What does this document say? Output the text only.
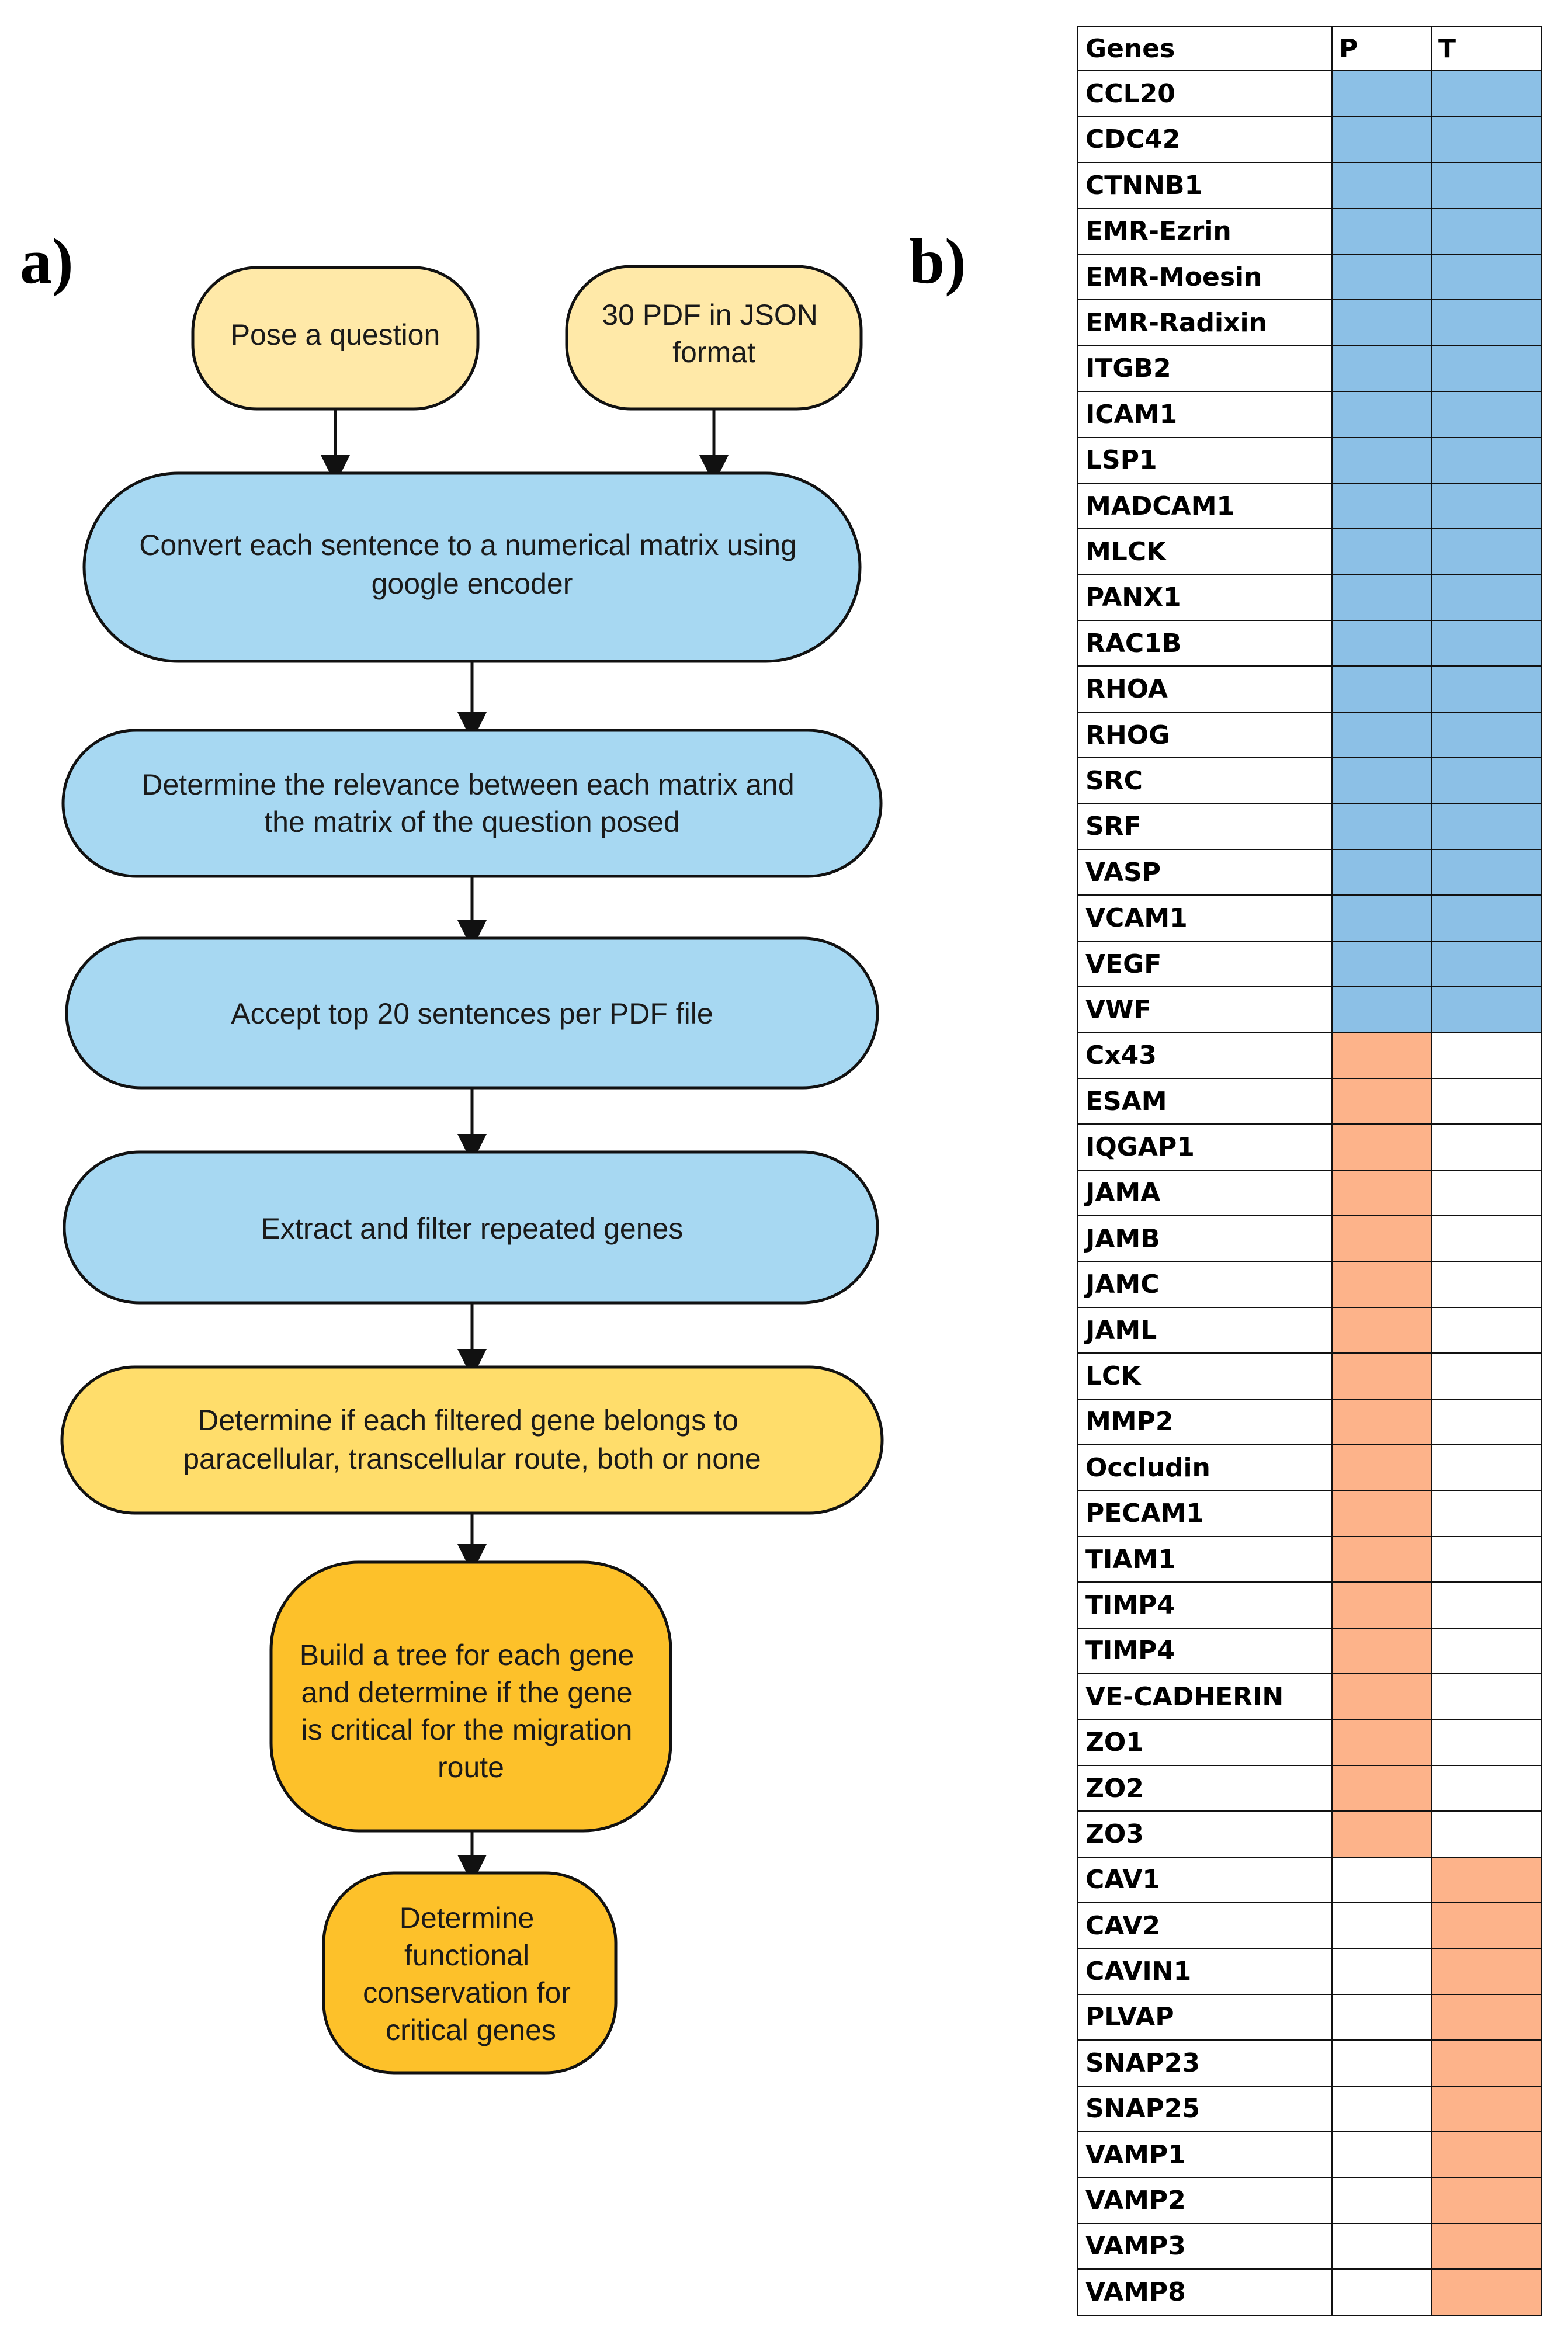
a)	b)
Pose a question
30 PDF in JSON format
Convert each sentence to a numerical matrix using google encoder
Determine the relevance between each matrix and the matrix of the question posed
Accept top 20 sentences per PDF file
Extract and filter repeated genes
Determine if each filtered gene belongs to paracellular, transcellular route, both or none
Build a tree for each gene and determine if the gene is critical for the migration route
Determine functional conservation for critical genes
Genes	P	T
CCL20
CDC42
CTNNB1
EMR-Ezrin
EMR-Moesin
EMR-Radixin
ITGB2
ICAM1
LSP1
MADCAM1
MLCK
PANX1
RAC1B
RHOA
RHOG
SRC
SRF
VASP
VCAM1
VEGF
VWF
Cx43
ESAM
IQGAP1
JAMA
JAMB
JAMC
JAML
LCK
MMP2
Occludin
PECAM1
TIAM1
TIMP4
TIMP4
VE-CADHERIN
ZO1
ZO2
ZO3
CAV1
CAV2
CAVIN1
PLVAP
SNAP23
SNAP25
VAMP1
VAMP2
VAMP3
VAMP8
